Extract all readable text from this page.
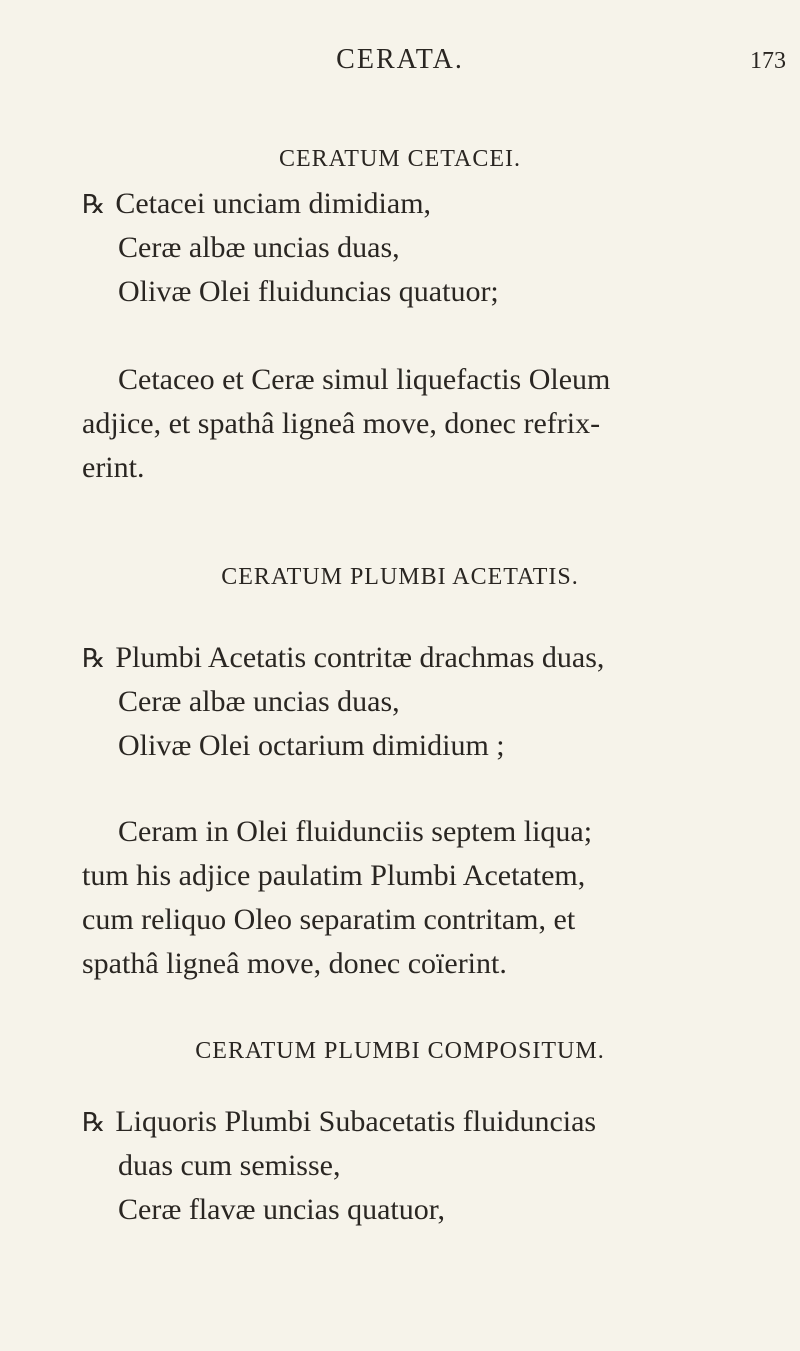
CERATA.	173
CERATUM CETACEI.
℞ Cetacei unciam dimidiam,
Ceræ albæ uncias duas,
Olivæ Olei fluiduncias quatuor;
Cetaceo et Ceræ simul liquefactis Oleum
adjice, et spathâ ligneâ move, donec refrix-
erint.
CERATUM PLUMBI ACETATIS.
℞ Plumbi Acetatis contritæ drachmas duas,
Ceræ albæ uncias duas,
Olivæ Olei octarium dimidium ;
Ceram in Olei fluidunciis septem liqua;
tum his adjice paulatim Plumbi Acetatem,
cum reliquo Oleo separatim contritam, et
spathâ ligneâ move, donec coïerint.
CERATUM PLUMBI COMPOSITUM.
℞ Liquoris Plumbi Subacetatis fluiduncias
duas cum semisse,
Ceræ flavæ uncias quatuor,
